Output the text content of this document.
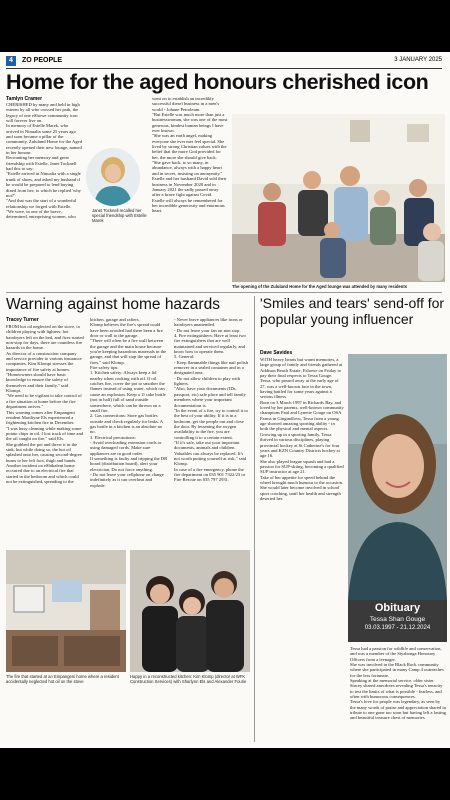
4	ZO PEOPLE	3 JANUARY 2025
Home for the aged honours cherished icon
Tamlyn Cramer
CHERISHED by many and held in high esteem by all who crossed her path, the legacy of one eShowe community icon will forever live on.
In memory of Estelle Marek, who arrived in Ninualia some 25 years ago and soon became a pillar of the community, Zululand Home for the Aged recently opened their new lounge, named in her honour.
Recounting her memory and great friendship with Estelle, Janet Tocknell had this to say:
"Estelle arrived in Ninualia with a single trunk of shoes, and asked my husband if he would be prepared to lend buying dined from her; to which he replied 'why not?'
"And that was the start of a wonderful relationship we forged with Estelle.
"We were, in one of the brave, determined, enterprising women, who
went on to establish an incredibly successful diesel business in a men's world - Johane Petroleum.
"But Estelle was much more than just a businesswoman, she was one of the most generous, kindest human beings I have ever known.
"She was an earth angel, making everyone she ever met feel special. She lived by strong Christian values with the belief that the more God provided for her, the more she should give back.
"She gave back, to so many, in abundance, always with a happy heart and in secret, insisting on anonymity."
Estelle and her husband David sold their business in November 2020 and in January 2021 the sadly passed away after a brave fight against Covid.
Estelle will always be remembered for her incredible generosity and enormous heart.
Janet Tocknell recalled her special friendship with Estelle Marek
The opening of the Zululand Home for the Aged lounge was attended by many residents
Warning against home hazards
Tracey Turner
FROM hot oil neglected on the stove, to children playing with lighters; hot hairdryers left on the bed, and fires started non-stop for days, there are countless fire hazards in the home.
As director of a construction company and service provider to various insurance companies, Kim Klompt stresses the importance of fire safety at homes.
"Homeowners should have basic knowledge to ensure the safety of themselves and their family," said Klompt.
"We need to be vigilant to take control of a fire situation at home before the fire department arrives."
This warning comes after Empangeni resident Mariliyne Els experienced a frightening kitchen fire in December.
"I was busy cleaning while making some potato chips in oil. I lost track of time and the oil caught on fire," said Els.
She grabbed the pot and threw it in the sink, but while doing so, the hot oil splashed onto her, causing second-degree burns to her left foot, thigh and hands.
Another incident on eShikaleni home occurred due to an electrical fire that started in the bedroom and which could not be extinguished, spreading to the
kitchen, garage and rafters.
Klomp believes the fire's spread could have been avoided had there been a fire door or wall to the garage.
"There will often be a fire wall between the garage and the main house because you're keeping hazardous materials in the garage, and that will stop the spread of fires," said Klomp.
Fire safety tips:
1. Kitchen safety: Always keep a lid nearby when cooking with oil. If oil catches fire, cover the pot to smother the flames instead of using water, which can cause an explosion. Keep a 1l cake bottle (not in half) full of sand outside somewhere, which can be thrown on a small fire.
2. Gas connections: Store gas bottles outside and check regularly for leaks. A gas bottle in a kitchen is an absolute no no.
3. Electrical precautions:
- Avoid overloading extension cords or using damaged cords. Make sure appliances are in good order.
If something is faulty and tripping the DB board (distribution board), alert your electrician. Do not force anything.
- Do not leave your cellphone on charge indefinitely as it can overheat and explode.
- Never leave appliances like irons or hairdryers unattended.
- Do not leave your fan on non stop.
4. Fire extinguishers: Have at least two fire extinguishers that are well maintained and serviced regularly, and know how to operate them.
5. General:
- Keep flammable things like nail polish remover in a sealed container and in a designated area.
- Do not allow children to play with lighters.
"Also, have your documents (IDs, passport, etc) safe place and tell family members where your important documentation is.
"In the event of a fire, try to control it to the best of your ability. If it is in a bedroom, get the people out and close the door. By lessening the oxygen availability to the fire, you are controlling it to a certain extent.
"If it's safe, take out your important documents, animals and children. Valuables can always be replaced. It's not worth putting yourself at risk," said Klomp.
In case of a fire emergency, phone the fire department on 035 901 7322/23 or Fire Rescue on 035 797 2931.
The fire that started at an Empangeni home where a resident accidentally neglected hot oil on the stove
Happy in a reconstructed kitchen: Kim Klomp (director at WFK Construction Services) with Sharlynn Els and Alexander Fourie
'Smiles and tears' send-off for popular young influencer
Dave Savides
WITH heavy hearts but warm memories, a large group of family and friends gathered at Addison Beach Estate, Eshowe on Friday to pay their final respects to Tessa Gouge.
Tessa, who passed away at the early age of 27, was a well-known face in the town, having battled for some years against a serious illness.
Born on 3 March 1997 in Richards Bay, and loved by her parents, well-known community champions Paul and Lynette Gouge on OSA Farms in Gingindlovu, Tessa from a young age showed amazing sporting ability - in both the physical and mental aspects.
Growing up in a sporting family, Tessa thrived in various disciplines, playing provincial hockey at St Catherine's for four years and KZN Country Districts hockey at age 16.
She also played league squash and had a passion for SUP-skiing, becoming a qualified SUP instructor at age 21.
Take of her appetite for speed behind the wheel brought much humour to the occasion.
She would later become involved in school sport coaching, until her health and strength deserted her.
Obituary
Tessa Shan Gouge
03.03.1997 - 21.12.2024
Tessa had a passion for wildlife and conservation, and was a member of the Siyabonga Honorary Officers from a teenager.
She was involved in the Black Rock community where she participated in many Camp 4 outreaches for the less fortunate.
Speaking at the memorial service, older sister Stacey shared anecdotes revealing Tessa's tenacity to test the limits of what is possible - fearless, and often with humorous consequences.
Tessa's love for people was legendary, as seen by the many words of praise and appreciation shared in tribute to one gone too soon but having left a lasting and beautiful treasure chest of memories.
